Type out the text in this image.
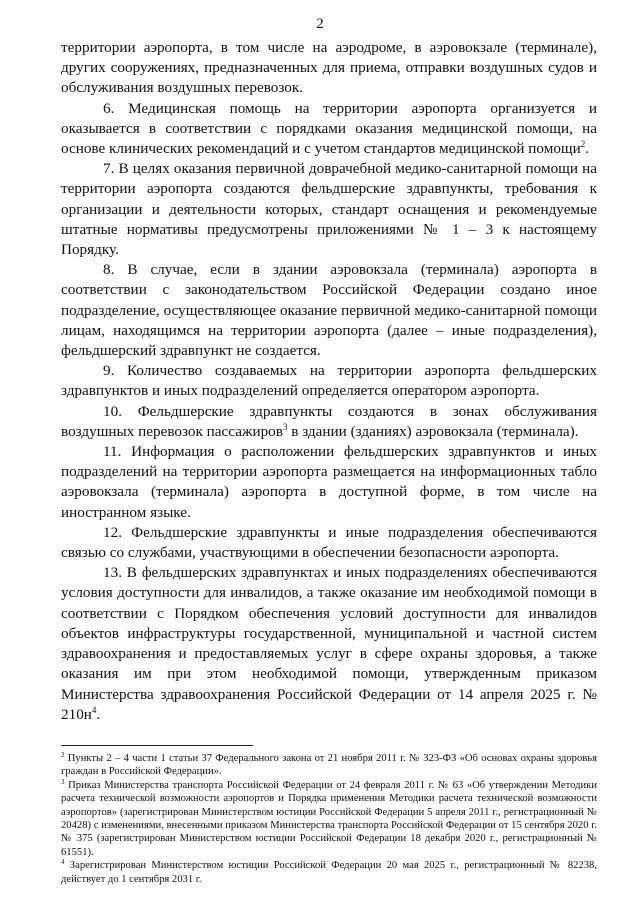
2

территории аэропорта, в том числе на аэродроме, в аэровокзале (терминале), других сооружениях, предназначенных для приема, отправки воздушных судов и обслуживания воздушных перевозок.

6. Медицинская помощь на территории аэропорта организуется и оказывается в соответствии с порядками оказания медицинской помощи, на основе клинических рекомендаций и с учетом стандартов медицинской помощи$^2$.

7. В целях оказания первичной доврачебной медико-санитарной помощи на территории аэропорта создаются фельдшерские здравпункты, требования к организации и деятельности которых, стандарт оснащения и рекомендуемые штатные нормативы предусмотрены приложениями № 1 – 3 к настоящему Порядку.

8. В случае, если в здании аэровокзала (терминала) аэропорта в соответствии с законодательством Российской Федерации создано иное подразделение, осуществляющее оказание первичной медико-санитарной помощи лицам, находящимся на территории аэропорта (далее – иные подразделения), фельдшерский здравпункт не создается.

9. Количество создаваемых на территории аэропорта фельдшерских здравпунктов и иных подразделений определяется оператором аэропорта.

10. Фельдшерские здравпункты создаются в зонах обслуживания воздушных перевозок пассажиров$^3$ в здании (зданиях) аэровокзала (терминала).

11. Информация о расположении фельдшерских здравпунктов и иных подразделений на территории аэропорта размещается на информационных табло аэровокзала (терминала) аэропорта в доступной форме, в том числе на иностранном языке.

12. Фельдшерские здравпункты и иные подразделения обеспечиваются связью со службами, участвующими в обеспечении безопасности аэропорта.

13. В фельдшерских здравпунктах и иных подразделениях обеспечиваются условия доступности для инвалидов, а также оказание им необходимой помощи в соответствии с Порядком обеспечения условий доступности для инвалидов объектов инфраструктуры государственной, муниципальной и частной систем здравоохранения и предоставляемых услуг в сфере охраны здоровья, а также оказания им при этом необходимой помощи, утвержденным приказом Министерства здравоохранения Российской Федерации от 14 апреля 2025 г. № $210н^4$.

$^2$ Пункты 2 – 4 части 1 статьи 37 Федерального закона от 21 ноября 2011 г. № 323-ФЗ «Об основах охраны здоровья граждан в Российской Федерации».

$^3$ Приказ Министерства транспорта Российской Федерации от 24 февраля 2011 г. № 63 «Об утверждении Методики расчета технической возможности аэропортов и Порядка применения Методики расчета технической возможности аэропортов» (зарегистрирован Министерством юстиции Российской Федерации 5 апреля 2011 г., регистрационный № 20428) с изменениями, внесенными приказом Министерства транспорта Российской Федерации от 15 сентября 2020 г. № 375 (зарегистрирован Министерством юстиции Российской Федерации 18 декабря 2020 г., регистрационный № 61551).

$^4$ Зарегистрирован Министерством юстиции Российской Федерации 20 мая 2025 г., регистрационный № 82238, действует до 1 сентября 2031 г.
